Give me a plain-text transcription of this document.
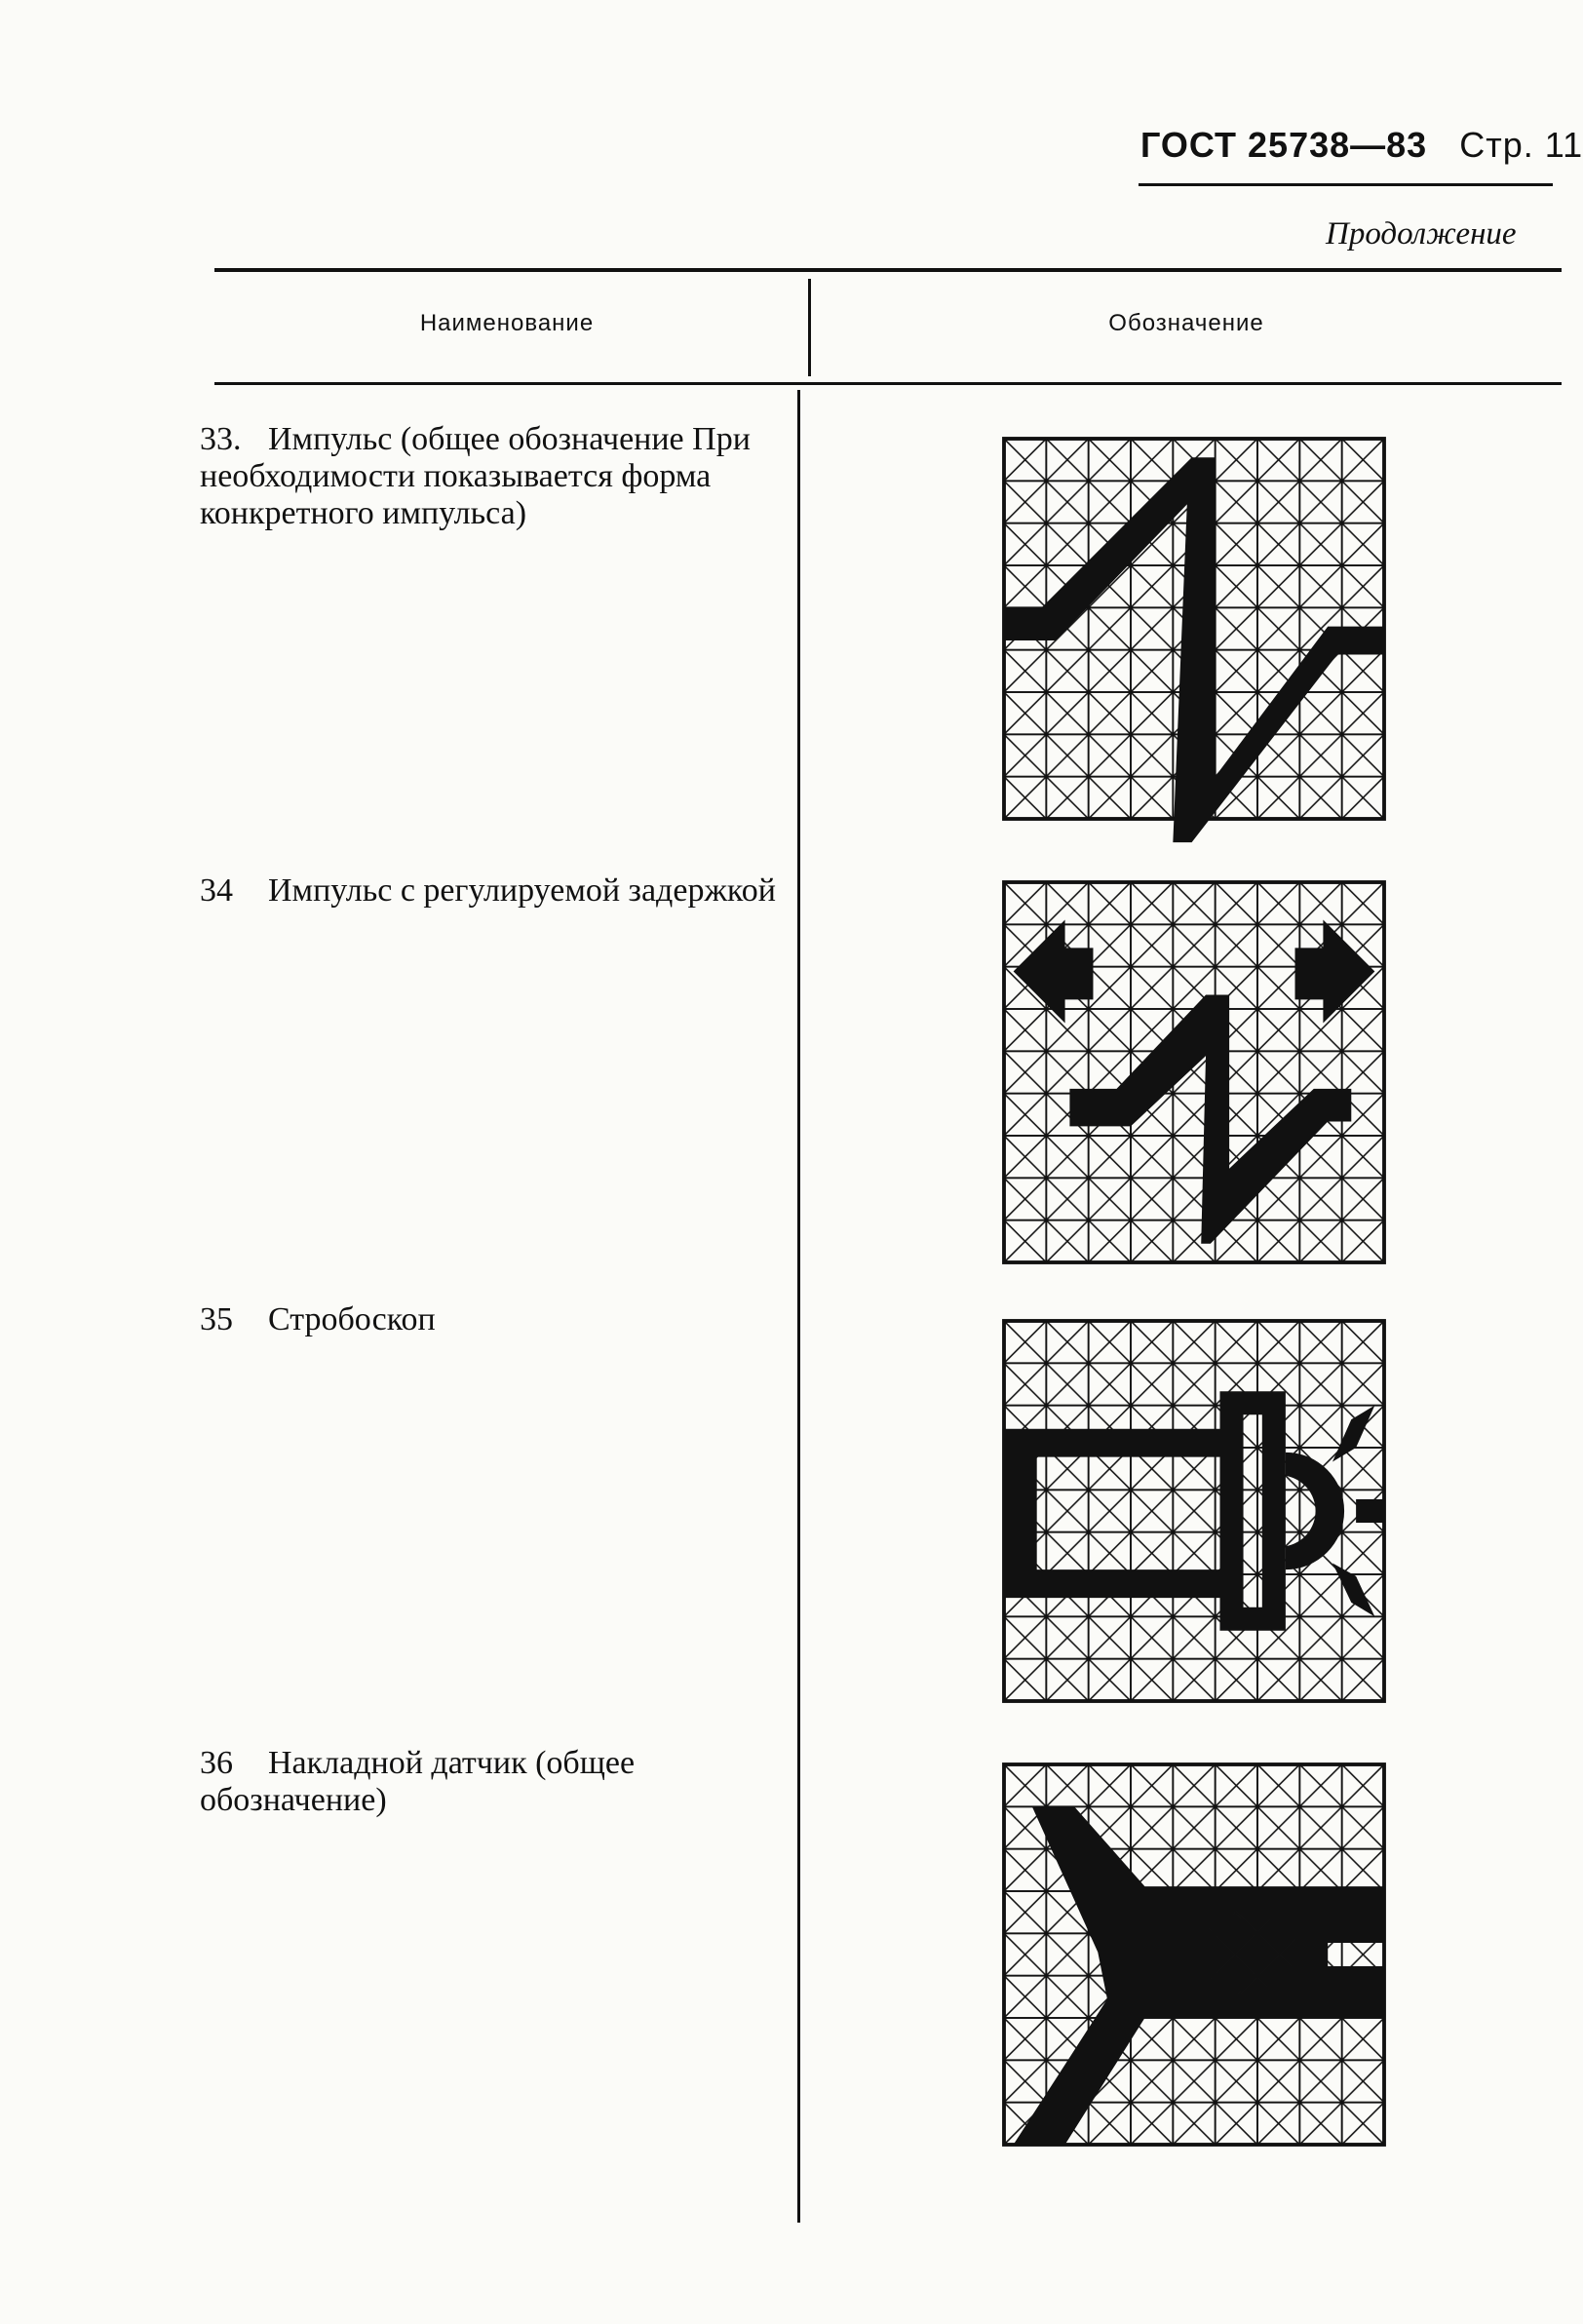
ГОСТ 25738—83 Стр. 11
Продолжение
Наименование	Обозначение
33. Импульс (общее обозначение При необходимости показывается форма конкретного импульса)
34 Импульс с регулируемой задержкой
35 Стробоскоп
36 Накладной датчик (общее обозначение)
